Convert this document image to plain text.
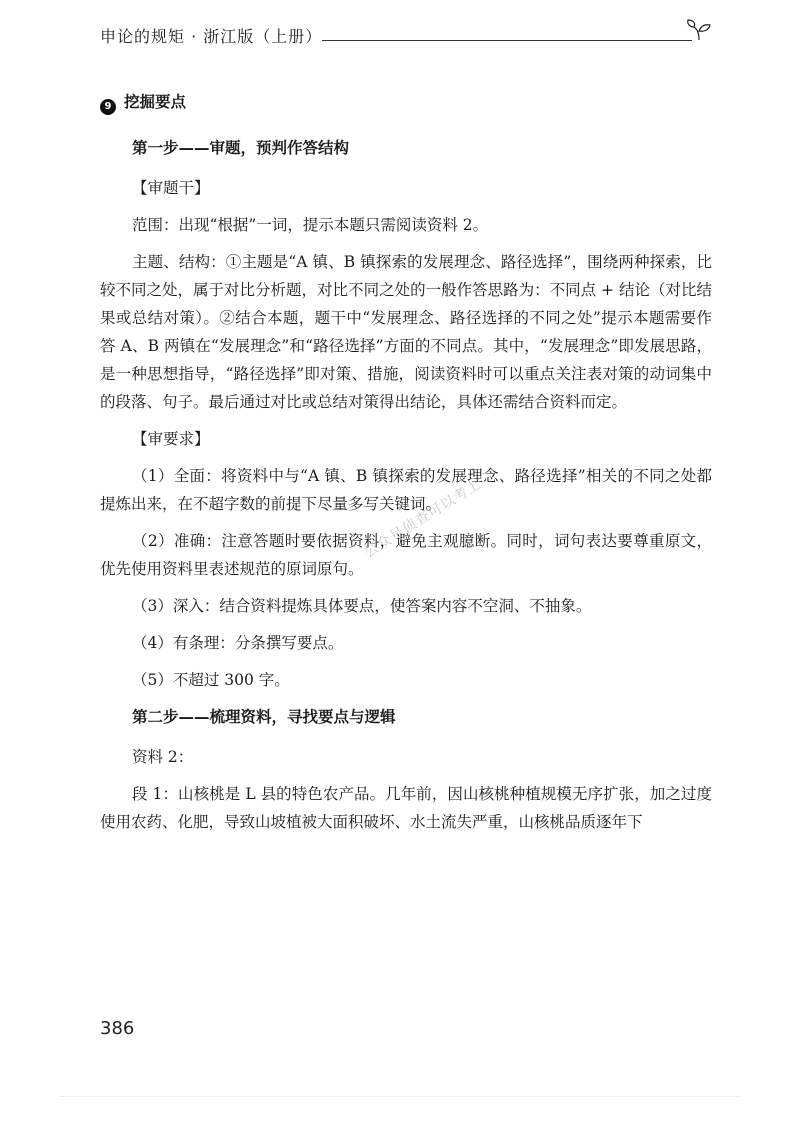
申论的规矩 · 浙江版（上册）
公众号侦查可以考上
9 挖掘要点
第一步——审题，预判作答结构
【审题干】

范围：出现“根据”一词，提示本题只需阅读资料 2。

主题、结构：①主题是“A 镇、B 镇探索的发展理念、路径选择”，围绕两种探索，比较不同之处，属于对比分析题，对比不同之处的一般作答思路为：不同点 + 结论（对比结果或总结对策）。②结合本题，题干中“发展理念、路径选择的不同之处”提示本题需要作答 A、B 两镇在“发展理念”和“路径选择”方面的不同点。其中，“发展理念”即发展思路，是一种思想指导，“路径选择”即对策、措施，阅读资料时可以重点关注表对策的动词集中的段落、句子。最后通过对比或总结对策得出结论，具体还需结合资料而定。

【审要求】

（1）全面：将资料中与“A 镇、B 镇探索的发展理念、路径选择”相关的不同之处都提炼出来，在不超字数的前提下尽量多写关键词。

（2）准确：注意答题时要依据资料，避免主观臆断。同时，词句表达要尊重原文，优先使用资料里表述规范的原词原句。

（3）深入：结合资料提炼具体要点，使答案内容不空洞、不抽象。

（4）有条理：分条撰写要点。

（5）不超过 300 字。

第二步——梳理资料，寻找要点与逻辑

资料 2：

段 1：山核桃是 L 县的特色农产品。几年前，因山核桃种植规模无序扩张，加之过度使用农药、化肥，导致山坡植被大面积破坏、水土流失严重，山核桃品质逐年下

386
